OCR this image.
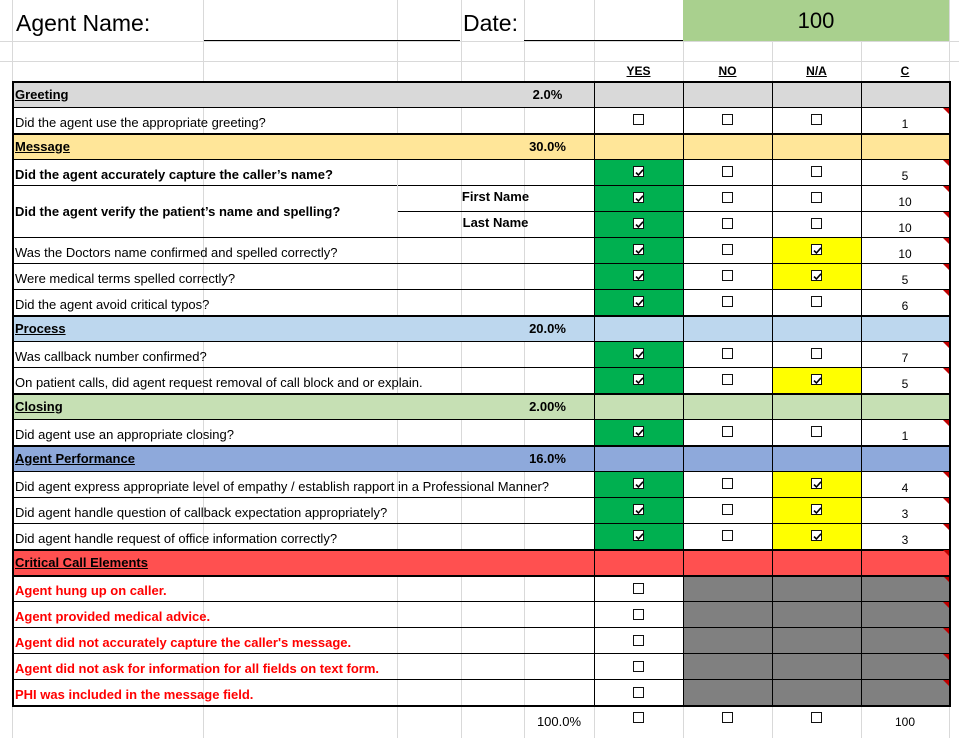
Agent Name:	Date:	100
YES	NO	N/A	C
Greeting	2.0%
Did the agent use the appropriate greeting?	1
Message	30.0%
Did the agent accurately capture the caller’s name?	5
Did the agent verify the patient’s name and spelling?
First Name	10
Last Name	10
Was the Doctors name confirmed and spelled correctly?	10
Were medical terms spelled correctly?	5
Did the agent avoid critical typos?	6
Process	20.0%
Was callback number confirmed?	7
On patient calls, did agent request removal of call block and or explain.	5
Closing	2.00%
Did agent use an appropriate closing?	1
Agent Performance	16.0%
Did agent express appropriate level of empathy / establish rapport in a Professional Manner?	4
Did agent handle question of callback expectation appropriately?	3
Did agent handle request of office information correctly?	3
Critical Call Elements
Agent hung up on caller.
Agent provided medical advice.
Agent did not accurately capture the caller's message.
Agent did not ask for information for all fields on text form.
PHI was included in the message field.
100.0%	100
